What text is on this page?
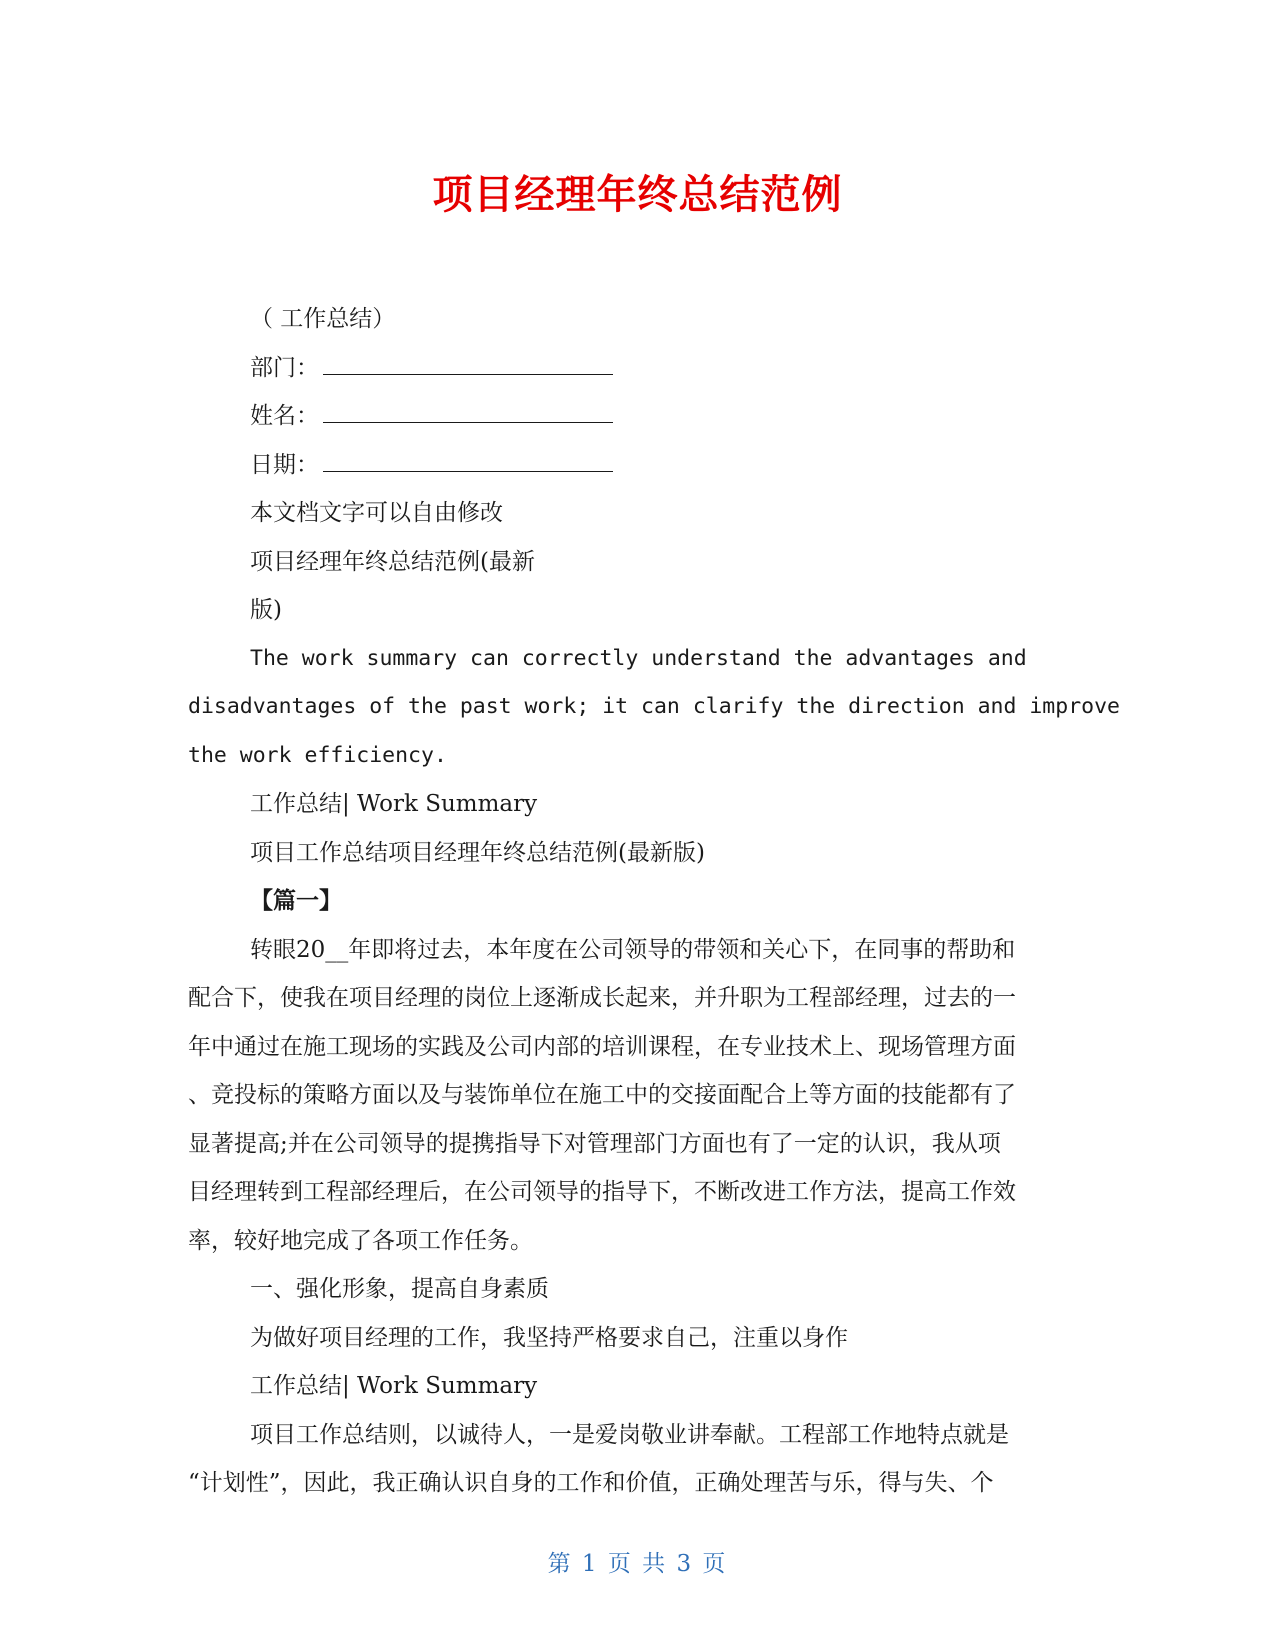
项目经理年终总结范例
（ 工作总结）
部门：
姓名：
日期：
本文档文字可以自由修改
项目经理年终总结范例(最新
版)
The work summary can correctly understand the advantages and
disadvantages of the past work; it can clarify the direction and improve
the work efficiency.
工作总结| Work Summary
项目工作总结项目经理年终总结范例(最新版)
【篇一】
转眼20__年即将过去，本年度在公司领导的带领和关心下，在同事的帮助和
配合下，使我在项目经理的岗位上逐渐成长起来，并升职为工程部经理，过去的一
年中通过在施工现场的实践及公司内部的培训课程，在专业技术上、现场管理方面
、竞投标的策略方面以及与装饰单位在施工中的交接面配合上等方面的技能都有了
显著提高;并在公司领导的提携指导下对管理部门方面也有了一定的认识，我从项
目经理转到工程部经理后，在公司领导的指导下，不断改进工作方法，提高工作效
率，较好地完成了各项工作任务。
一、强化形象，提高自身素质
为做好项目经理的工作，我坚持严格要求自己，注重以身作
工作总结| Work Summary
项目工作总结则，以诚待人，一是爱岗敬业讲奉献。工程部工作地特点就是
“计划性”，因此，我正确认识自身的工作和价值，正确处理苦与乐，得与失、个
第 1 页 共 3 页
